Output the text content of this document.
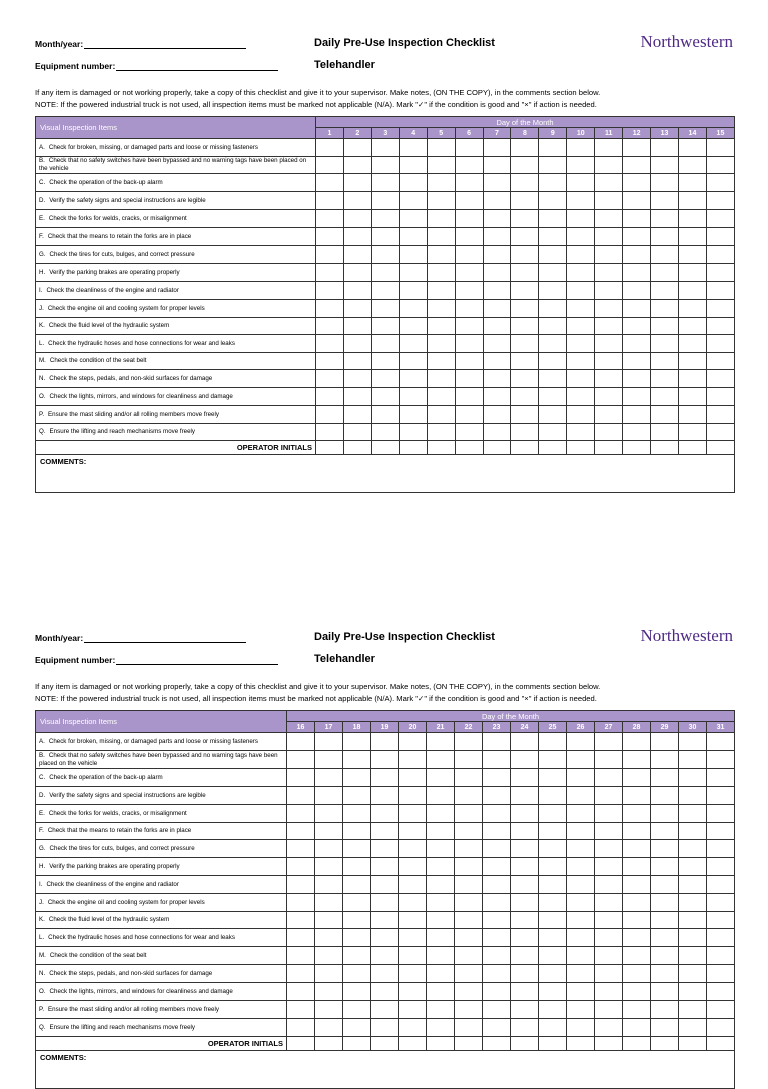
Month/year:
Equipment number:
Daily Pre-Use Inspection Checklist
Telehandler
Northwestern
If any item is damaged or not working properly, take a copy of this checklist and give it to your supervisor. Make notes, (ON THE COPY), in the comments section below.
NOTE: If the powered industrial truck is not used, all inspection items must be marked not applicable (N/A). Mark "✓" if the condition is good and "×" if action is needed.
Visual Inspection Items	Day of the Month														
	1	2	3	4	5	6	7	8	9	10	11	12	13	14	15
A. Check for broken, missing, or damaged parts and loose or missing fasteners															
B. Check that no safety switches have been bypassed and no warning tags have been placed on the vehicle															
C. Check the operation of the back-up alarm															
D. Verify the safety signs and special instructions are legible															
E. Check the forks for welds, cracks, or misalignment															
F. Check that the means to retain the forks are in place															
G. Check the tires for cuts, bulges, and correct pressure															
H. Verify the parking brakes are operating properly															
I. Check the cleanliness of the engine and radiator															
J. Check the engine oil and cooling system for proper levels															
K. Check the fluid level of the hydraulic system															
L. Check the hydraulic hoses and hose connections for wear and leaks															
M. Check the condition of the seat belt															
N. Check the steps, pedals, and non-skid surfaces for damage															
O. Check the lights, mirrors, and windows for cleanliness and damage															
P. Ensure the mast sliding and/or all rolling members move freely															
Q. Ensure the lifting and reach mechanisms move freely															
OPERATOR INITIALS															
COMMENTS:															
Month/year:
Equipment number:
Daily Pre-Use Inspection Checklist
Telehandler
Northwestern
If any item is damaged or not working properly, take a copy of this checklist and give it to your supervisor. Make notes, (ON THE COPY), in the comments section below.
NOTE: If the powered industrial truck is not used, all inspection items must be marked not applicable (N/A). Mark "✓" if the condition is good and "×" if action is needed.
Visual Inspection Items	Day of the Month															
	16	17	18	19	20	21	22	23	24	25	26	27	28	29	30	31
A. Check for broken, missing, or damaged parts and loose or missing fasteners																
B. Check that no safety switches have been bypassed and no warning tags have been placed on the vehicle																
C. Check the operation of the back-up alarm																
D. Verify the safety signs and special instructions are legible																
E. Check the forks for welds, cracks, or misalignment																
F. Check that the means to retain the forks are in place																
G. Check the tires for cuts, bulges, and correct pressure																
H. Verify the parking brakes are operating properly																
I. Check the cleanliness of the engine and radiator																
J. Check the engine oil and cooling system for proper levels																
K. Check the fluid level of the hydraulic system																
L. Check the hydraulic hoses and hose connections for wear and leaks																
M. Check the condition of the seat belt																
N. Check the steps, pedals, and non-skid surfaces for damage																
O. Check the lights, mirrors, and windows for cleanliness and damage																
P. Ensure the mast sliding and/or all rolling members move freely																
Q. Ensure the lifting and reach mechanisms move freely																
OPERATOR INITIALS																
COMMENTS:																
